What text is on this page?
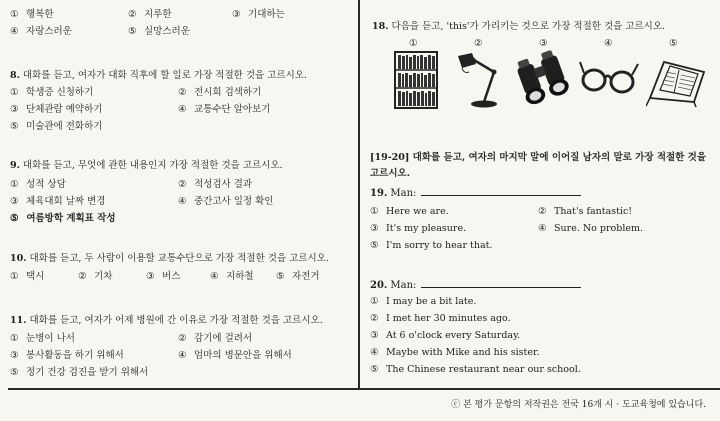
① 행복한	② 지루한	③ 기대하는
④ 자랑스러운	⑤ 실망스러운
8. 대화를 듣고, 여자가 대화 직후에 할 일로 가장 적절한 것을 고르시오.
① 학생증 신청하기	② 전시회 검색하기
③ 단체관람 예약하기	④ 교통수단 알아보기
⑤ 미술관에 전화하기
9. 대화를 듣고, 무엇에 관한 내용인지 가장 적절한 것을 고르시오.
① 성적 상담	② 적성검사 결과
③ 체육대회 날짜 변경	④ 중간고사 일정 확인
⑤ 여름방학 계획표 작성
10. 대화를 듣고, 두 사람이 이용할 교통수단으로 가장 적절한 것을 고르시오.
① 택시	② 기차	③ 버스	④ 지하철 ⑤ 자전거
11. 대화를 듣고, 여자가 어제 병원에 간 이유로 가장 적절한 것을 고르시오.
① 눈병이 나서	② 감기에 걸려서
③ 봉사활동을 하기 위해서	④ 엄마의 병문안을 위해서
⑤ 정기 건강 검진을 받기 위해서
18. 다음을 듣고, 'this'가 가리키는 것으로 가장 적절한 것을 고르시오.
①	②	③	④	⑤
[19-20] 대화를 듣고, 여자의 마지막 말에 이어질 남자의 말로 가장 적절한 것을 고르시오.
19. Man:
① Here we are.	② That's fantastic!
③ It's my pleasure.	④ Sure. No problem.
⑤ I'm sorry to hear that.
20. Man:
① I may be a bit late.
② I met her 30 minutes ago.
③ At 6 o'clock every Saturday.
④ Maybe with Mike and his sister.
⑤ The Chinese restaurant near our school.
ⓒ 본 평가 문항의 저작권은 전국 16개 시 · 도교육청에 있습니다.
